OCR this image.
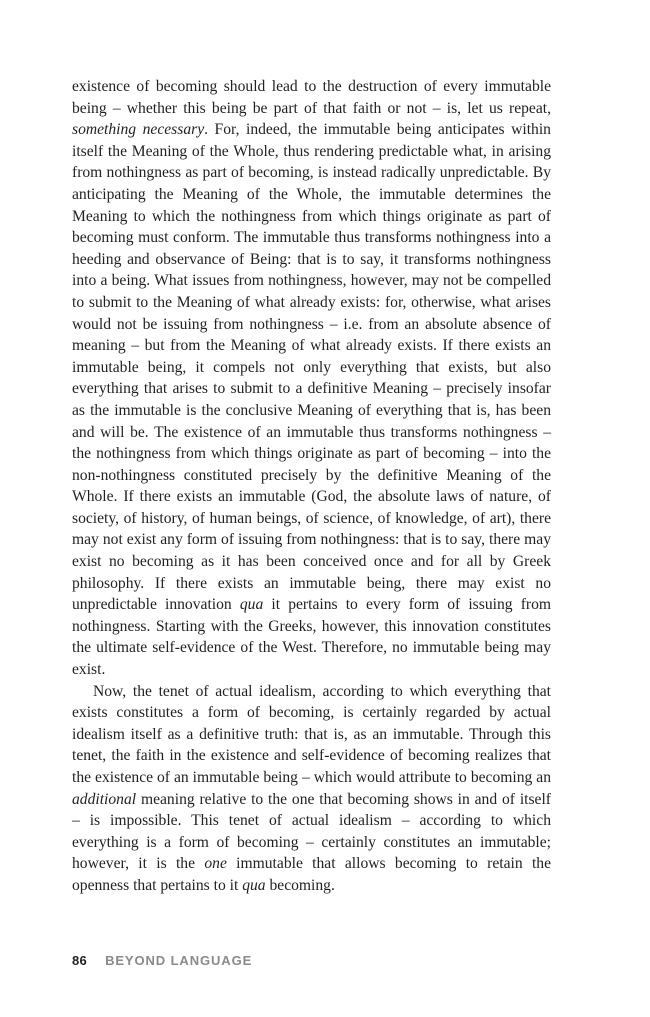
existence of becoming should lead to the destruction of every immutable being – whether this being be part of that faith or not – is, let us repeat, something necessary. For, indeed, the immutable being anticipates within itself the Meaning of the Whole, thus rendering predictable what, in arising from nothingness as part of becoming, is instead radically unpredictable. By anticipating the Meaning of the Whole, the immutable determines the Meaning to which the nothingness from which things originate as part of becoming must conform. The immutable thus transforms nothingness into a heeding and observance of Being: that is to say, it transforms nothingness into a being. What issues from nothingness, however, may not be compelled to submit to the Meaning of what already exists: for, otherwise, what arises would not be issuing from nothingness – i.e. from an absolute absence of meaning – but from the Meaning of what already exists. If there exists an immutable being, it compels not only everything that exists, but also everything that arises to submit to a definitive Meaning – precisely insofar as the immutable is the conclusive Meaning of everything that is, has been and will be. The existence of an immutable thus transforms nothingness – the nothingness from which things originate as part of becoming – into the non-nothingness constituted precisely by the definitive Meaning of the Whole. If there exists an immutable (God, the absolute laws of nature, of society, of history, of human beings, of science, of knowledge, of art), there may not exist any form of issuing from nothingness: that is to say, there may exist no becoming as it has been conceived once and for all by Greek philosophy. If there exists an immutable being, there may exist no unpredictable innovation qua it pertains to every form of issuing from nothingness. Starting with the Greeks, however, this innovation constitutes the ultimate self-evidence of the West. Therefore, no immutable being may exist.

Now, the tenet of actual idealism, according to which everything that exists constitutes a form of becoming, is certainly regarded by actual idealism itself as a definitive truth: that is, as an immutable. Through this tenet, the faith in the existence and self-evidence of becoming realizes that the existence of an immutable being – which would attribute to becoming an additional meaning relative to the one that becoming shows in and of itself – is impossible. This tenet of actual idealism – according to which everything is a form of becoming – certainly constitutes an immutable; however, it is the one immutable that allows becoming to retain the openness that pertains to it qua becoming.

86 BEYOND LANGUAGE
